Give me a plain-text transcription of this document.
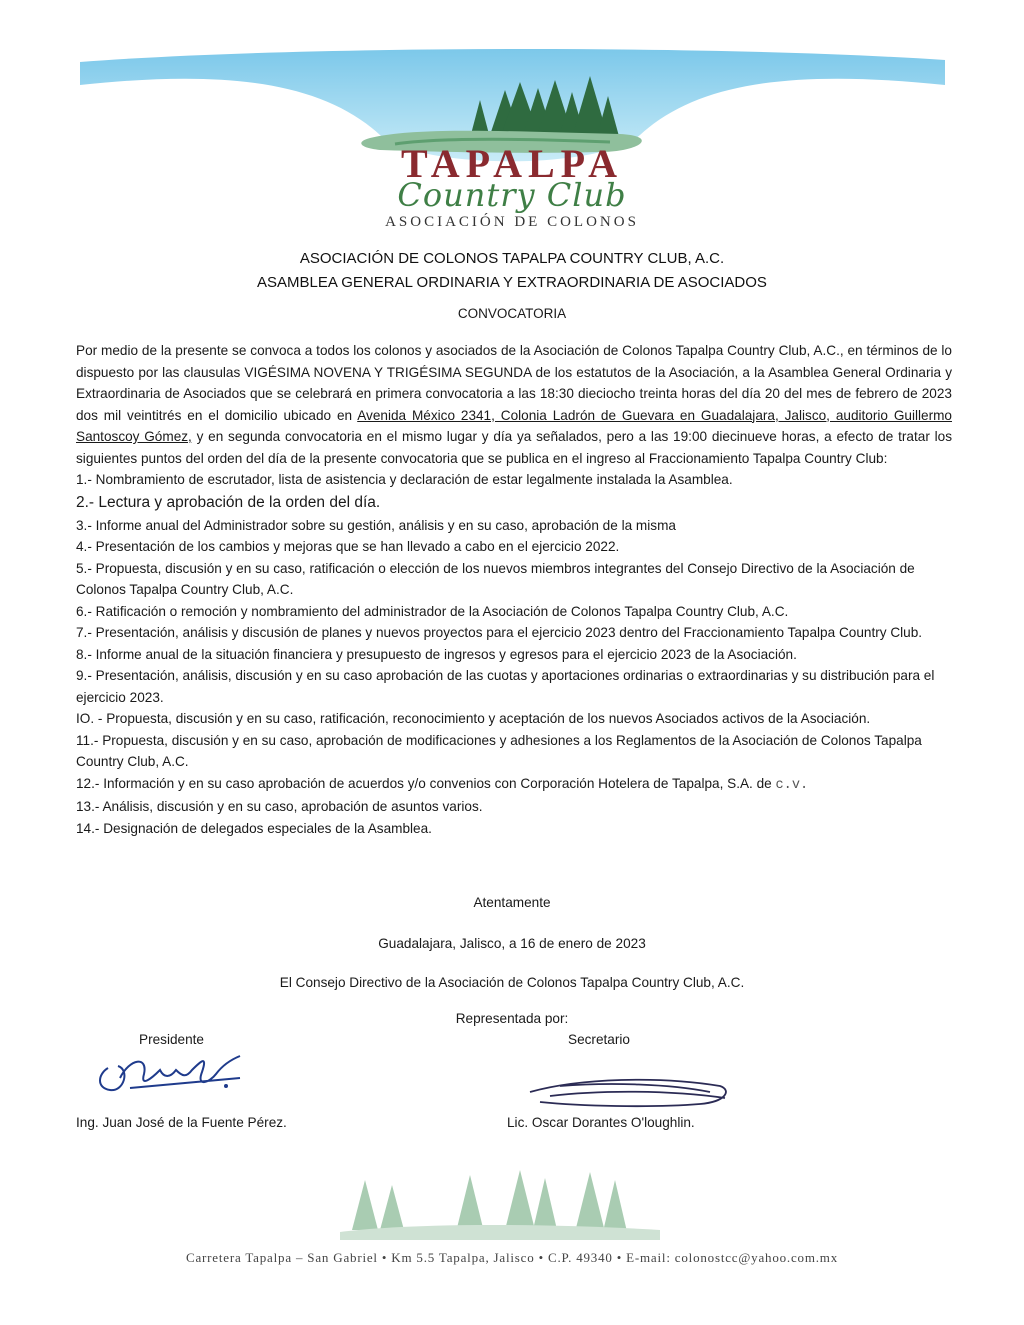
TAPALPA
Country Club
ASOCIACIÓN DE COLONOS
ASOCIACIÓN DE COLONOS TAPALPA COUNTRY CLUB, A.C.
ASAMBLEA GENERAL ORDINARIA Y EXTRAORDINARIA DE ASOCIADOS
CONVOCATORIA

Por medio de la presente se convoca a todos los colonos y asociados de la Asociación de Colonos Tapalpa Country Club, A.C., en términos de lo dispuesto por las clausulas VIGÉSIMA NOVENA Y TRIGÉSIMA SEGUNDA de los estatutos de la Asociación, a la Asamblea General Ordinaria y Extraordinaria de Asociados que se celebrará en primera convocatoria a las 18:30 dieciocho treinta horas del día 20 del mes de febrero de 2023 dos mil veintitrés en el domicilio ubicado en Avenida México 2341, Colonia Ladrón de Guevara en Guadalajara, Jalisco, auditorio Guillermo Santoscoy Gómez, y en segunda convocatoria en el mismo lugar y día ya señalados, pero a las 19:00 diecinueve horas, a efecto de tratar los siguientes puntos del orden del día de la presente convocatoria que se publica en el ingreso al Fraccionamiento Tapalpa Country Club:

1.- Nombramiento de escrutador, lista de asistencia y declaración de estar legalmente instalada la Asamblea.
2.- Lectura y aprobación de la orden del día.
3.- Informe anual del Administrador sobre su gestión, análisis y en su caso, aprobación de la misma
4.- Presentación de los cambios y mejoras que se han llevado a cabo en el ejercicio 2022.
5.- Propuesta, discusión y en su caso, ratificación o elección de los nuevos miembros integrantes del Consejo Directivo de la Asociación de Colonos Tapalpa Country Club, A.C.
6.- Ratificación o remoción y nombramiento del administrador de la Asociación de Colonos Tapalpa Country Club, A.C.
7.- Presentación, análisis y discusión de planes y nuevos proyectos para el ejercicio 2023 dentro del Fraccionamiento Tapalpa Country Club.
8.- Informe anual de la situación financiera y presupuesto de ingresos y egresos para el ejercicio 2023 de la Asociación.
9.- Presentación, análisis, discusión y en su caso aprobación de las cuotas y aportaciones ordinarias o extraordinarias y su distribución para el ejercicio 2023.
IO. - Propuesta, discusión y en su caso, ratificación, reconocimiento y aceptación de los nuevos Asociados activos de la Asociación.
11.- Propuesta, discusión y en su caso, aprobación de modificaciones y adhesiones a los Reglamentos de la Asociación de Colonos Tapalpa Country Club, A.C.
12.- Información y en su caso aprobación de acuerdos y/o convenios con Corporación Hotelera de Tapalpa, S.A. de c.v.
13.- Análisis, discusión y en su caso, aprobación de asuntos varios.
14.- Designación de delegados especiales de la Asamblea.
Atentamente
Guadalajara, Jalisco, a 16 de enero de 2023
El Consejo Directivo de la Asociación de Colonos Tapalpa Country Club, A.C.
Representada por:
Presidente	Secretario
Ing. Juan José de la Fuente Pérez.	Lic. Oscar Dorantes O'loughlin.
Carretera Tapalpa – San Gabriel • Km 5.5 Tapalpa, Jalisco • C.P. 49340 • E-mail: colonostcc@yahoo.com.mx
